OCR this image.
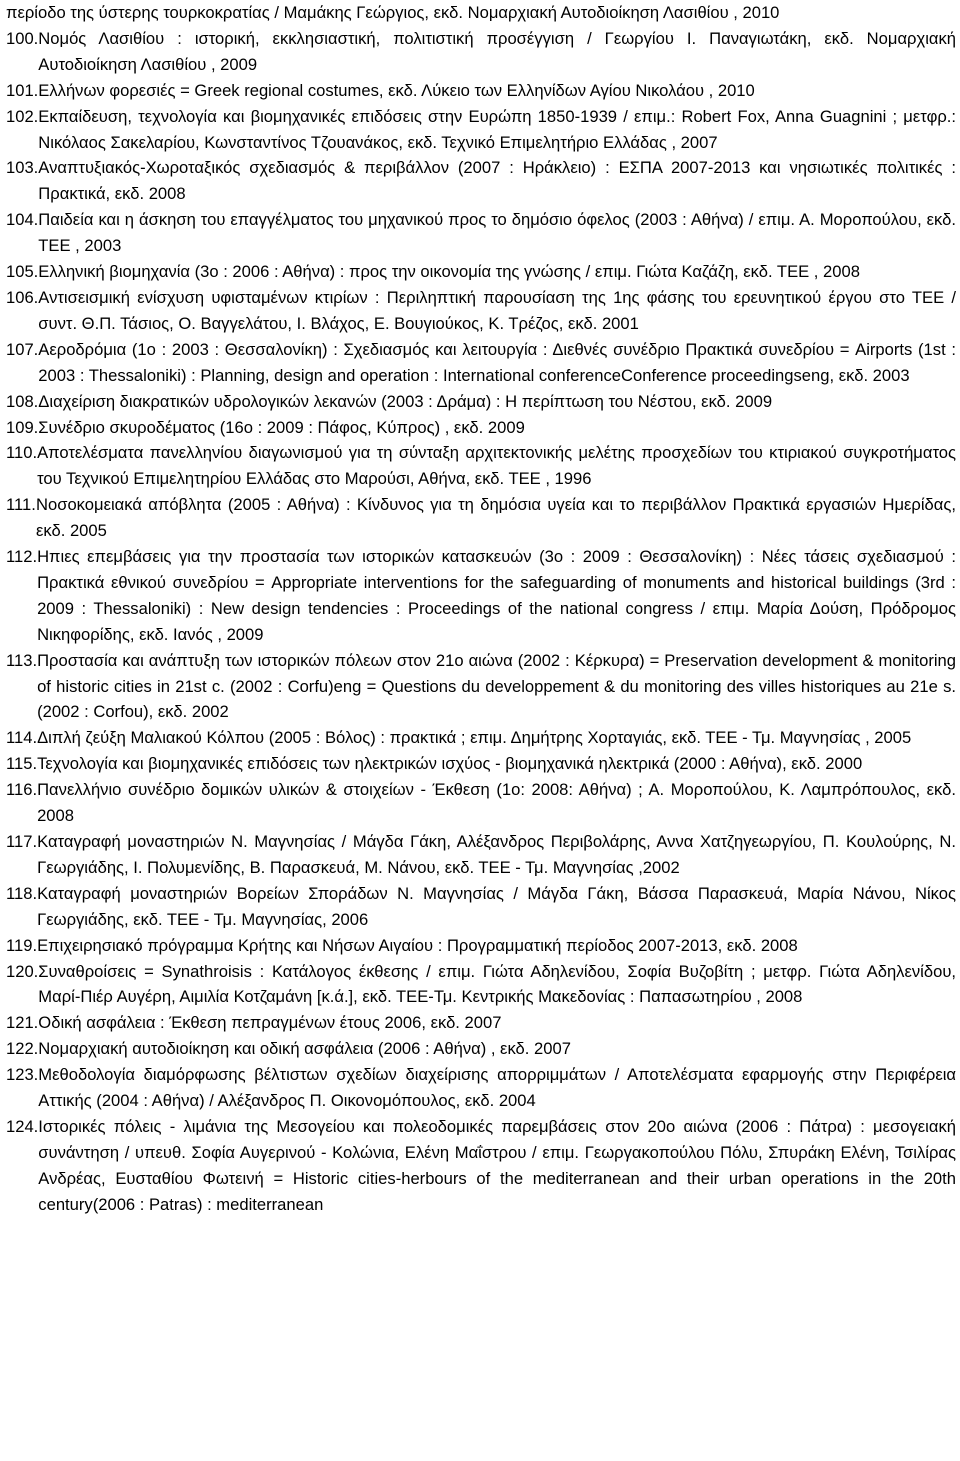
περίοδο της ύστερης τουρκοκρατίας / Μαμάκης Γεώργιος, εκδ. Νομαρχιακή Αυτοδιοίκηση Λασιθίου , 2010

100. Νομός Λασιθίου : ιστορική, εκκλησιαστική, πολιτιστική προσέγγιση / Γεωργίου Ι. Παναγιωτάκη, εκδ. Νομαρχιακή Αυτοδιοίκηση Λασιθίου , 2009

101. Ελλήνων φορεσιές = Greek regional costumes, εκδ. Λύκειο των Ελληνίδων Αγίου Νικολάου , 2010

102. Εκπαίδευση, τεχνολογία και βιομηχανικές επιδόσεις στην Ευρώπη 1850-1939 / επιμ.: Robert Fox, Anna Guagnini ; μετφρ.: Νικόλαος Σακελαρίου, Κωνσταντίνος Τζουανάκος, εκδ. Τεχνικό Επιμελητήριο Ελλάδας , 2007

103. Αναπτυξιακός-Χωροταξικός σχεδιασμός & περιβάλλον (2007 : Ηράκλειο) : ΕΣΠΑ 2007-2013 και νησιωτικές πολιτικές : Πρακτικά, εκδ. 2008

104. Παιδεία και η άσκηση του επαγγέλματος του μηχανικού προς το δημόσιο όφελος (2003 : Αθήνα) / επιμ. Α. Μοροπούλου, εκδ. ΤΕΕ , 2003

105. Ελληνική βιομηχανία (3ο : 2006 : Αθήνα) : προς την οικονομία της γνώσης / επιμ. Γιώτα Καζάζη, εκδ. ΤΕΕ , 2008

106. Αντισεισμική ενίσχυση υφισταμένων κτιρίων : Περιληπτική παρουσίαση της 1ης φάσης του ερευνητικού έργου στο ΤΕΕ / συντ. Θ.Π. Τάσιος, Ο. Βαγγελάτου, Ι. Βλάχος, Ε. Βουγιούκος, Κ. Τρέζος, εκδ. 2001

107. Αεροδρόμια (1ο : 2003 : Θεσσαλονίκη) : Σχεδιασμός και λειτουργία : Διεθνές συνέδριο Πρακτικά συνεδρίου = Airports (1st : 2003 : Thessaloniki) : Planning, design and operation : International conferenceConference proceedingseng, εκδ. 2003

108. Διαχείριση διακρατικών υδρολογικών λεκανών (2003 : Δράμα) : Η περίπτωση του Νέστου, εκδ. 2009

109. Συνέδριο σκυροδέματος (16ο : 2009 : Πάφος, Κύπρος) , εκδ. 2009

110. Αποτελέσματα πανελληνίου διαγωνισμού για τη σύνταξη αρχιτεκτονικής μελέτης προσχεδίων του κτιριακού συγκροτήματος του Τεχνικού Επιμελητηρίου Ελλάδας στο Μαρούσι, Αθήνα, εκδ. ΤΕΕ , 1996

111. Νοσοκομειακά απόβλητα (2005 : Αθήνα) : Κίνδυνος για τη δημόσια υγεία και το περιβάλλον Πρακτικά εργασιών Ημερίδας, εκδ. 2005

112. Ηπιες επεμβάσεις για την προστασία των ιστορικών κατασκευών (3ο : 2009 : Θεσσαλονίκη) : Νέες τάσεις σχεδιασμού : Πρακτικά εθνικού συνεδρίου = Appropriate interventions for the safeguarding of monuments and historical buildings (3rd : 2009 : Thessaloniki) : New design tendencies : Proceedings of the national congress / επιμ. Μαρία Δούση, Πρόδρομος Νικηφορίδης, εκδ. Ιανός , 2009

113. Προστασία και ανάπτυξη των ιστορικών πόλεων στον 21ο αιώνα (2002 : Κέρκυρα) = Preservation development & monitoring of historic cities in 21st c. (2002 : Corfu)eng = Questions du developpement & du monitoring des villes historiques au 21e s. (2002 : Corfou), εκδ. 2002

114. Διπλή ζεύξη Μαλιακού Κόλπου (2005 : Βόλος) : πρακτικά ; επιμ. Δημήτρης Χορταγιάς, εκδ. ΤΕΕ - Τμ. Μαγνησίας , 2005

115. Τεχνολογία και βιομηχανικές επιδόσεις των ηλεκτρικών ισχύος - βιομηχανικά ηλεκτρικά (2000 : Αθήνα), εκδ. 2000

116. Πανελλήνιο συνέδριο δομικών υλικών & στοιχείων - Έκθεση (1ο: 2008: Αθήνα) ; Α. Μοροπούλου, Κ. Λαμπρόπουλος, εκδ. 2008

117. Καταγραφή μοναστηριών Ν. Μαγνησίας / Μάγδα Γάκη, Αλέξανδρος Περιβολάρης, Αννα Χατζηγεωργίου, Π. Κουλούρης, Ν. Γεωργιάδης, Ι. Πολυμενίδης, Β. Παρασκευά, Μ. Νάνου, εκδ. ΤΕΕ - Τμ. Μαγνησίας ,2002

118. Καταγραφή μοναστηριών Βορείων Σποράδων Ν. Μαγνησίας / Μάγδα Γάκη, Βάσσα Παρασκευά, Μαρία Νάνου, Νίκος Γεωργιάδης, εκδ. ΤΕΕ - Τμ. Μαγνησίας, 2006

119. Επιχειρησιακό πρόγραμμα Κρήτης και Νήσων Αιγαίου : Προγραμματική περίοδος 2007-2013, εκδ. 2008

120. Συναθροίσεις = Synathroisis : Κατάλογος έκθεσης / επιμ. Γιώτα Αδηλενίδου, Σοφία Βυζοβίτη ; μετφρ. Γιώτα Αδηλενίδου, Μαρί-Πιέρ Αυγέρη, Αιμιλία Κοτζαμάνη [κ.ά.], εκδ. ΤΕΕ-Τμ. Κεντρικής Μακεδονίας : Παπασωτηρίου , 2008

121. Οδική ασφάλεια : Έκθεση πεπραγμένων έτους 2006, εκδ. 2007

122. Νομαρχιακή αυτοδιοίκηση και οδική ασφάλεια (2006 : Αθήνα) , εκδ. 2007

123. Μεθοδολογία διαμόρφωσης βέλτιστων σχεδίων διαχείρισης απορριμμάτων / Αποτελέσματα εφαρμογής στην Περιφέρεια Αττικής (2004 : Αθήνα) / Αλέξανδρος Π. Οικονομόπουλος, εκδ. 2004

124. Ιστορικές πόλεις - λιμάνια της Μεσογείου και πολεοδομικές παρεμβάσεις στον 20ο αιώνα (2006 : Πάτρα) : μεσογειακή συνάντηση / υπευθ. Σοφία Αυγερινού - Κολώνια, Ελένη Μαΐστρου / επιμ. Γεωργακοπούλου Πόλυ, Σπυράκη Ελένη, Τσιλίρας Ανδρέας, Ευσταθίου Φωτεινή = Historic cities-herbours of the mediterranean and their urban operations in the 20th century(2006 : Patras) : mediterranean
